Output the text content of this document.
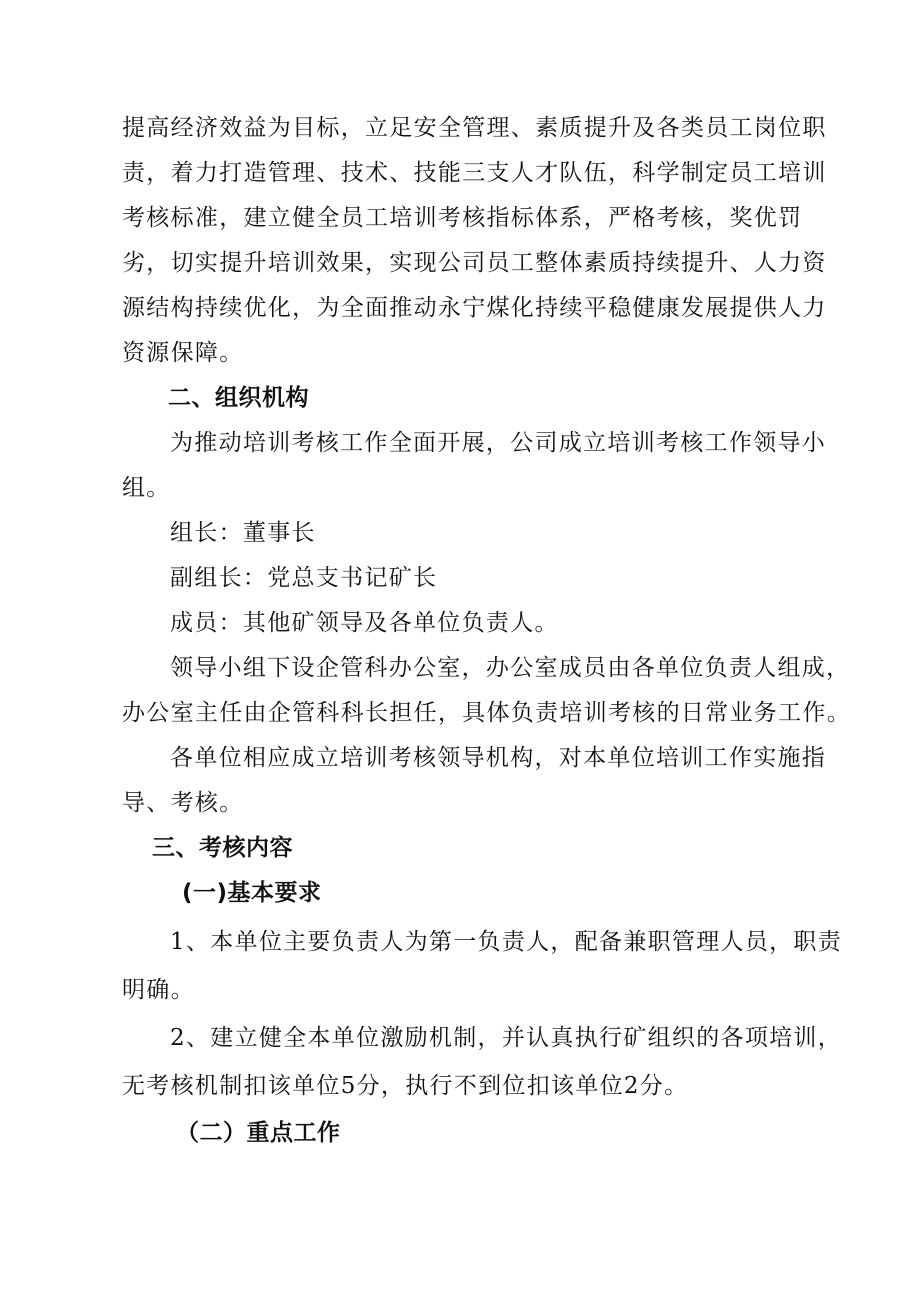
提高经济效益为目标，立足安全管理、素质提升及各类员工岗位职
责，着力打造管理、技术、技能三支人才队伍，科学制定员工培训
考核标准，建立健全员工培训考核指标体系，严格考核，奖优罚
劣，切实提升培训效果，实现公司员工整体素质持续提升、人力资
源结构持续优化，为全面推动永宁煤化持续平稳健康发展提供人力
资源保障。
二、组织机构
为推动培训考核工作全面开展，公司成立培训考核工作领导小
组。
组长：董事长
副组长：党总支书记矿长
成员：其他矿领导及各单位负责人。
领导小组下设企管科办公室，办公室成员由各单位负责人组成，
办公室主任由企管科科长担任，具体负责培训考核的日常业务工作。
各单位相应成立培训考核领导机构，对本单位培训工作实施指
导、考核。
三、考核内容
(一)基本要求
1、本单位主要负责人为第一负责人，配备兼职管理人员，职责
明确。
2、建立健全本单位激励机制，并认真执行矿组织的各项培训，
无考核机制扣该单位5分，执行不到位扣该单位2分。
（二）重点工作
